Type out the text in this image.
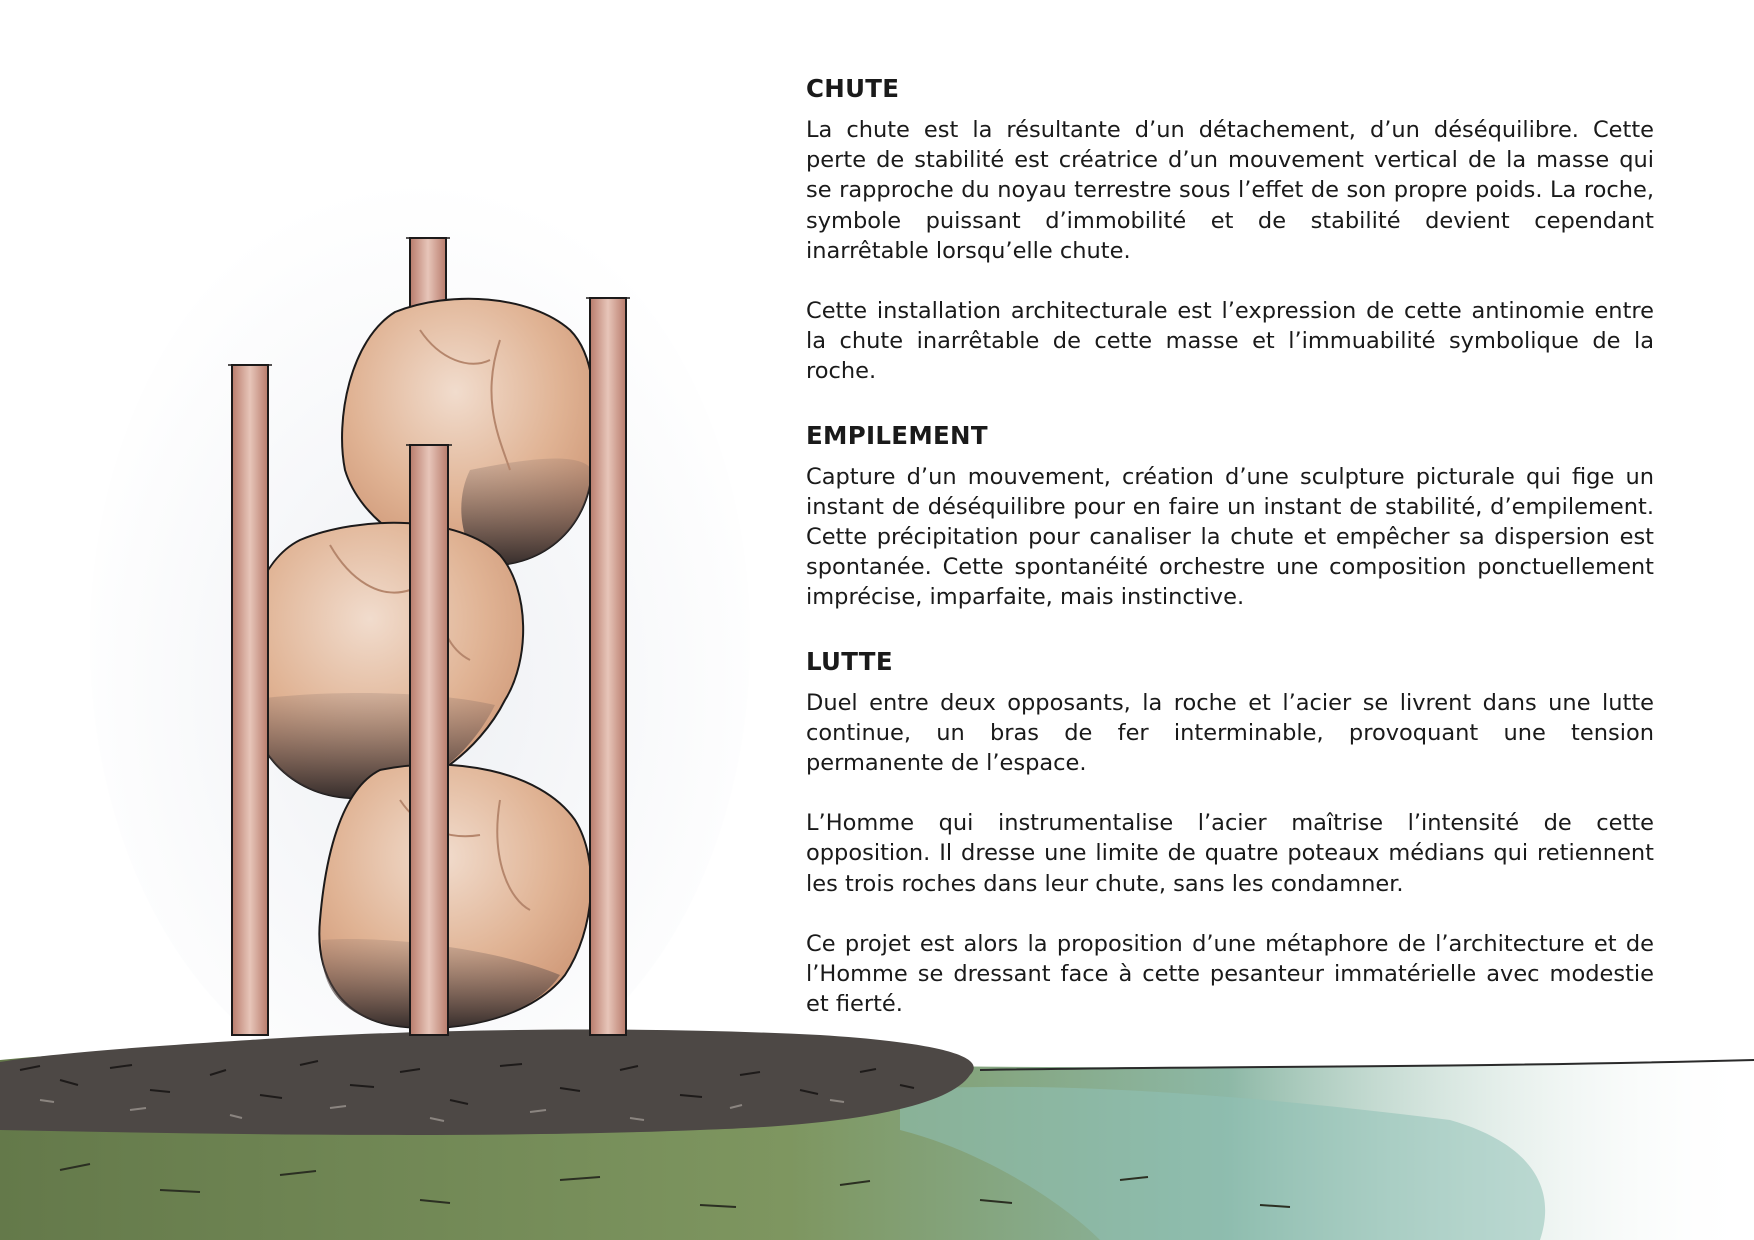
CHUTE

La chute est la résultante d’un détachement, d’un déséquilibre. Cette perte de stabilité est créatrice d’un mouvement vertical de la masse qui se rapproche du noyau terrestre sous l’effet de son propre poids. La roche, symbole puissant d’immobilité et de stabilité devient cependant inarrêtable lorsqu’elle chute.

Cette installation architecturale est l’expression de cette antinomie entre la chute inarrêtable de cette masse et l’immuabilité symbolique de la roche.

EMPILEMENT

Capture d’un mouvement, création d’une sculpture picturale qui fige un instant de déséquilibre pour en faire un instant de stabilité, d’empilement. Cette précipitation pour canaliser la chute et empêcher sa dispersion est spontanée. Cette spontanéité orchestre une composition ponctuellement imprécise, imparfaite, mais instinctive.

LUTTE

Duel entre deux opposants, la roche et l’acier se livrent dans une lutte continue, un bras de fer interminable, provoquant une tension permanente de l’espace.

L’Homme qui instrumentalise l’acier maîtrise l’intensité de cette opposition. Il dresse une limite de quatre poteaux médians qui retiennent les trois roches dans leur chute, sans les condamner.

Ce projet est alors la proposition d’une métaphore de l’architecture et de l’Homme se dressant face à cette pesanteur immatérielle avec modestie et fierté.
